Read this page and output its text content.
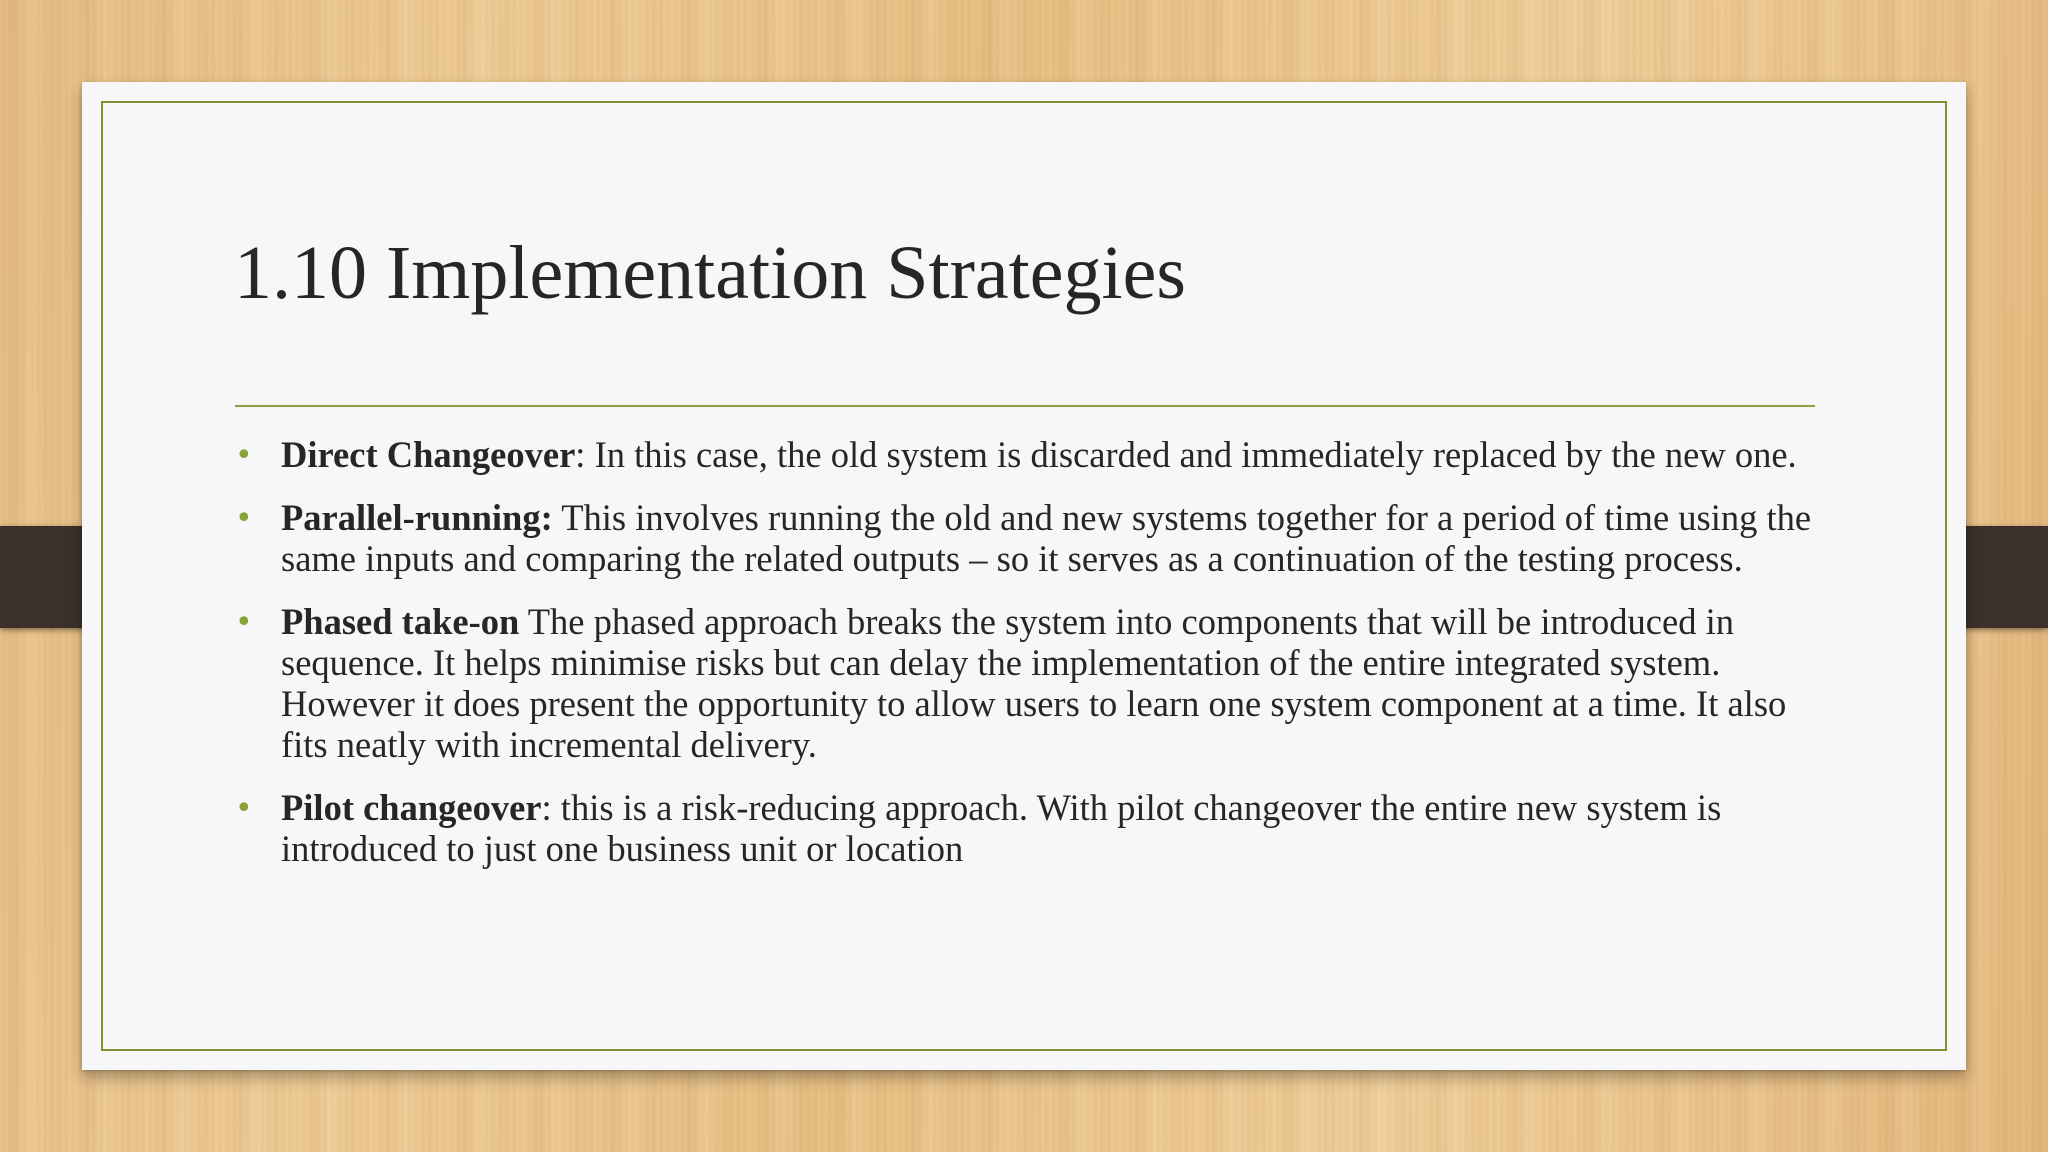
1.10 Implementation Strategies
• Direct Changeover: In this case, the old system is discarded and immediately replaced by the new one.
• Parallel-running: This involves running the old and new systems together for a period of time using the same inputs and comparing the related outputs – so it serves as a continuation of the testing process.
• Phased take-on The phased approach breaks the system into components that will be introduced in sequence. It helps minimise risks but can delay the implementation of the entire integrated system. However it does present the opportunity to allow users to learn one system component at a time. It also fits neatly with incremental delivery.
• Pilot changeover: this is a risk-reducing approach. With pilot changeover the entire new system is introduced to just one business unit or location
